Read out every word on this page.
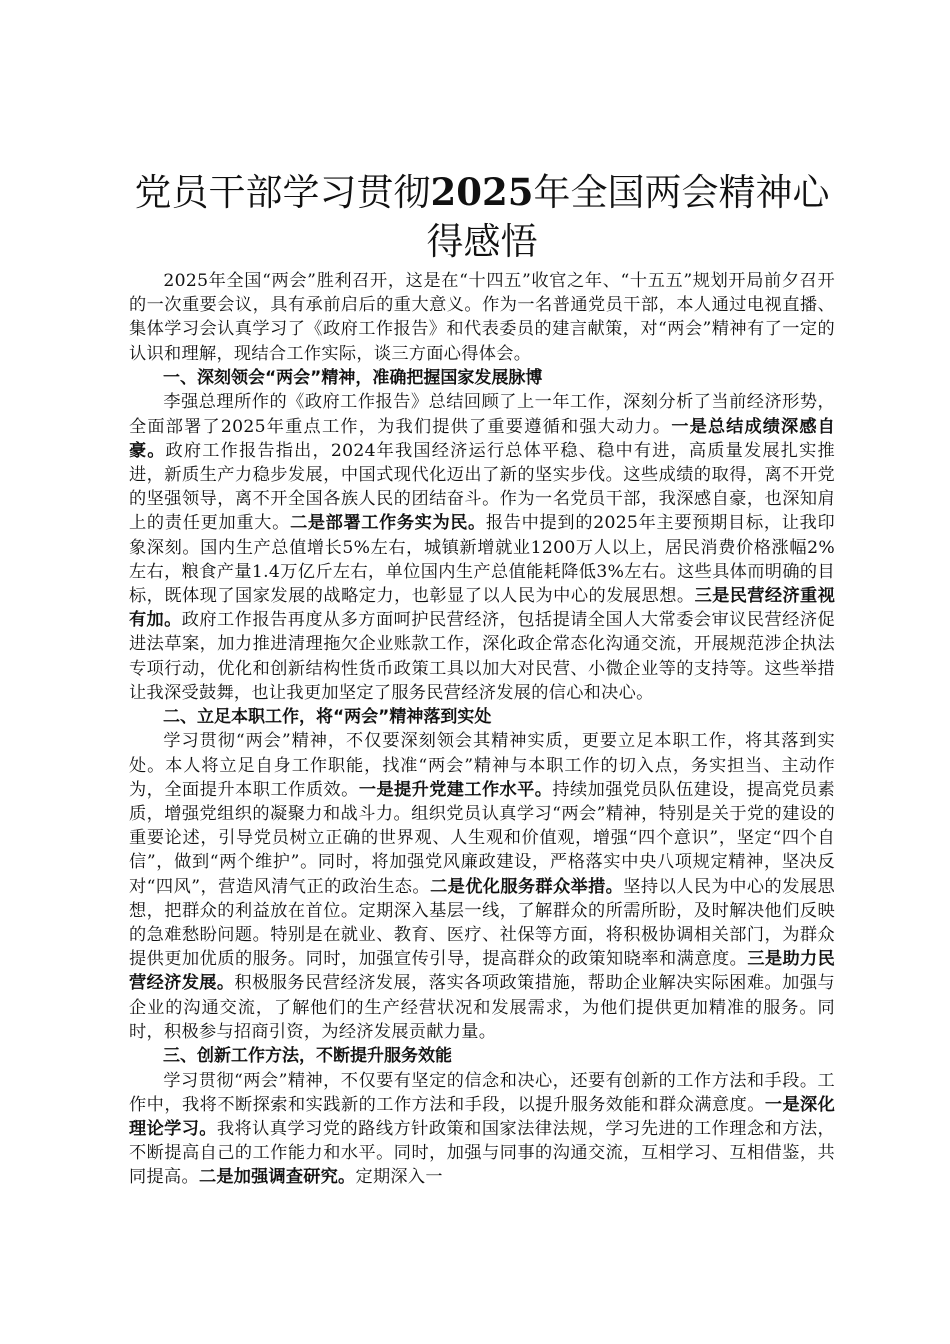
党员干部学习贯彻2025年全国两会精神心得感悟

2025年全国“两会”胜利召开，这是在“十四五”收官之年、“十五五”规划开局前夕召开的一次重要会议，具有承前启后的重大意义。作为一名普通党员干部，本人通过电视直播、集体学习会认真学习了《政府工作报告》和代表委员的建言献策，对“两会”精神有了一定的认识和理解，现结合工作实际，谈三方面心得体会。

一、深刻领会“两会”精神，准确把握国家发展脉博

李强总理所作的《政府工作报告》总结回顾了上一年工作，深刻分析了当前经济形势，全面部署了2025年重点工作，为我们提供了重要遵循和强大动力。一是总结成绩深感自豪。政府工作报告指出，2024年我国经济运行总体平稳、稳中有进，高质量发展扎实推进，新质生产力稳步发展，中国式现代化迈出了新的坚实步伐。这些成绩的取得，离不开党的坚强领导，离不开全国各族人民的团结奋斗。作为一名党员干部，我深感自豪，也深知肩上的责任更加重大。二是部署工作务实为民。报告中提到的2025年主要预期目标，让我印象深刻。国内生产总值增长5%左右，城镇新增就业1200万人以上，居民消费价格涨幅2%左右，粮食产量1.4万亿斤左右，单位国内生产总值能耗降低3%左右。这些具体而明确的目标，既体现了国家发展的战略定力，也彰显了以人民为中心的发展思想。三是民营经济重视有加。政府工作报告再度从多方面呵护民营经济，包括提请全国人大常委会审议民营经济促进法草案，加力推进清理拖欠企业账款工作，深化政企常态化沟通交流，开展规范涉企执法专项行动，优化和创新结构性货币政策工具以加大对民营、小微企业等的支持等。这些举措让我深受鼓舞，也让我更加坚定了服务民营经济发展的信心和决心。

二、立足本职工作，将“两会”精神落到实处

学习贯彻“两会”精神，不仅要深刻领会其精神实质，更要立足本职工作，将其落到实处。本人将立足自身工作职能，找准“两会”精神与本职工作的切入点，务实担当、主动作为，全面提升本职工作质效。一是提升党建工作水平。持续加强党员队伍建设，提高党员素质，增强党组织的凝聚力和战斗力。组织党员认真学习“两会”精神，特别是关于党的建设的重要论述，引导党员树立正确的世界观、人生观和价值观，增强“四个意识”，坚定“四个自信”，做到“两个维护”。同时，将加强党风廉政建设，严格落实中央八项规定精神，坚决反对“四风”，营造风清气正的政治生态。二是优化服务群众举措。坚持以人民为中心的发展思想，把群众的利益放在首位。定期深入基层一线，了解群众的所需所盼，及时解决他们反映的急难愁盼问题。特别是在就业、教育、医疗、社保等方面，将积极协调相关部门，为群众提供更加优质的服务。同时，加强宣传引导，提高群众的政策知晓率和满意度。三是助力民营经济发展。积极服务民营经济发展，落实各项政策措施，帮助企业解决实际困难。加强与企业的沟通交流，了解他们的生产经营状况和发展需求，为他们提供更加精准的服务。同时，积极参与招商引资，为经济发展贡献力量。

三、创新工作方法，不断提升服务效能

学习贯彻“两会”精神，不仅要有坚定的信念和决心，还要有创新的工作方法和手段。工作中，我将不断探索和实践新的工作方法和手段，以提升服务效能和群众满意度。一是深化理论学习。我将认真学习党的路线方针政策和国家法律法规，学习先进的工作理念和方法，不断提高自己的工作能力和水平。同时，加强与同事的沟通交流，互相学习、互相借鉴，共同提高。二是加强调查研究。定期深入一
